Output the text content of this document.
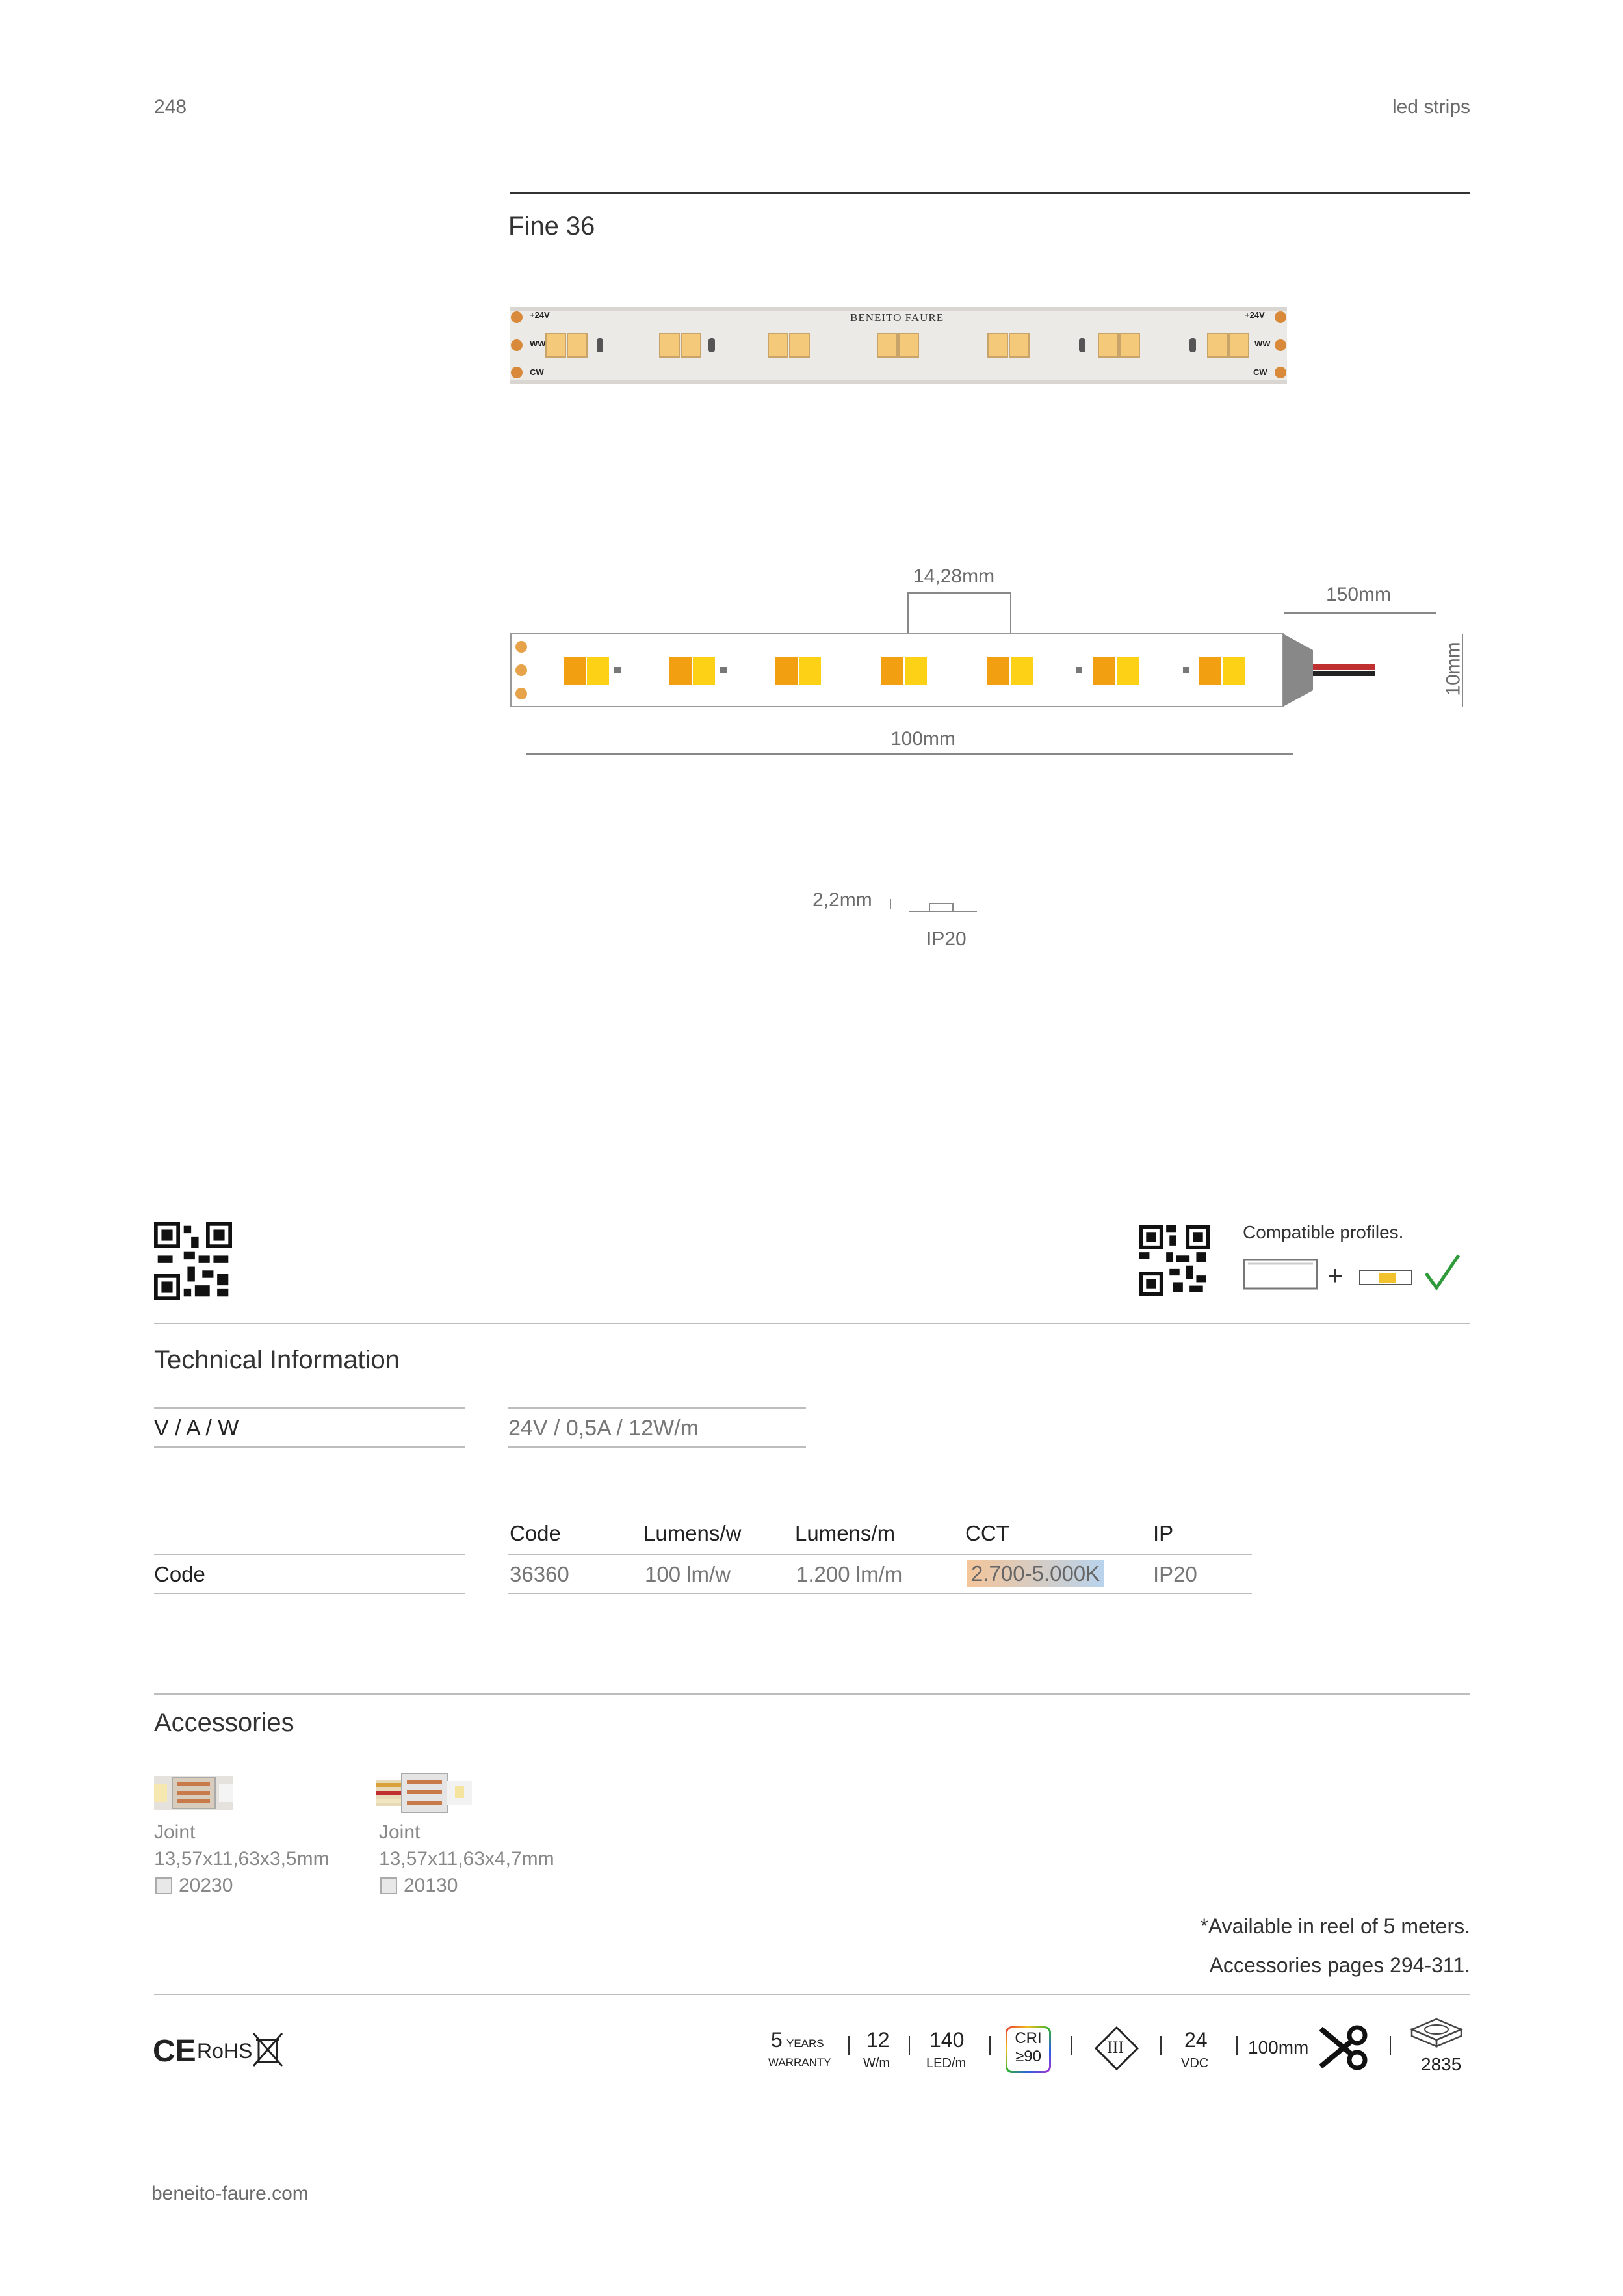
248	led strips
Fine 36
BENEITO FAURE
+24V
WW
CW
+24V
WW
CW
14,28mm
150mm
10mm
100mm
2,2mm
IP20
Compatible profiles.
+
Technical Information
V / A / W	24V / 0,5A / 12W/m
Code	Lumens/w	Lumens/m	CCT	IP
Code	36360	100 lm/w	1.200 lm/m	2.700-5.000K IP20
Accessories
Joint
13,57x11,63x3,5mm
20230
Joint
13,57x11,63x4,7mm
20130
*Available in reel of 5 meters.
Accessories pages 294-311.
CE RoHS	5 YEARS
WARRANTY
12
W/m
140
LED/m
CRI
≥90	III	24
VDC
100mm
2835
beneito-faure.com
